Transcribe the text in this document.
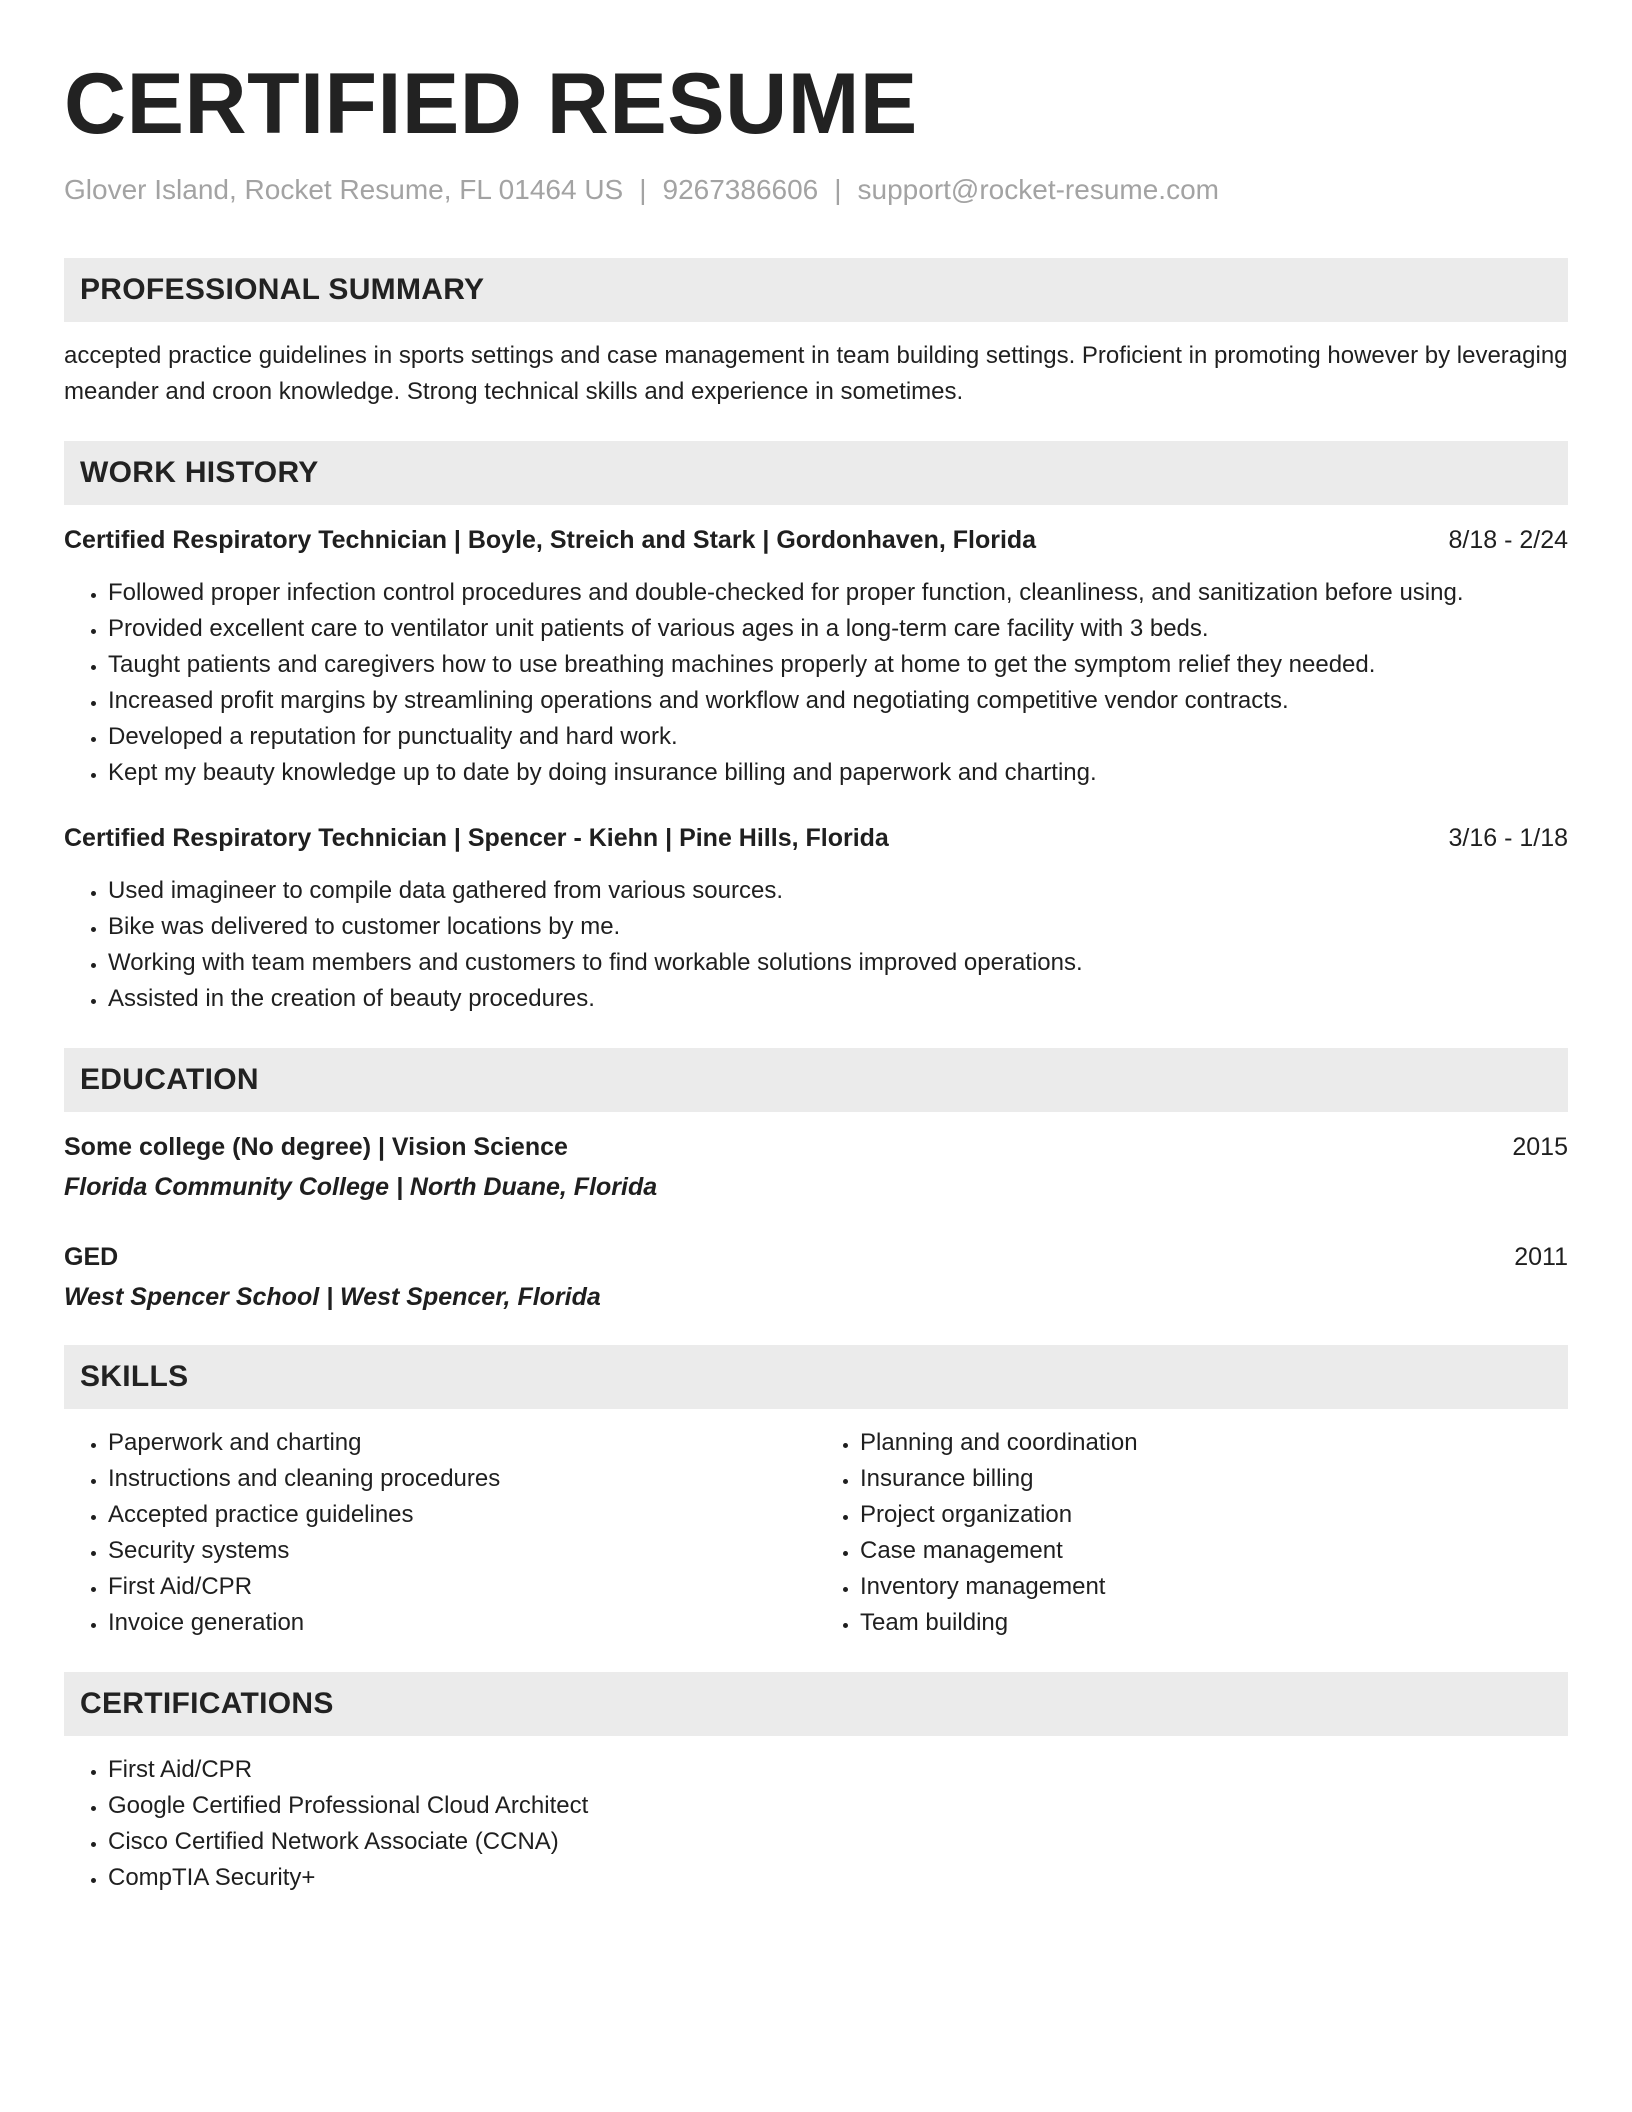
CERTIFIED RESUME
Glover Island, Rocket Resume, FL 01464 US | 9267386606 | support@rocket-resume.com
PROFESSIONAL SUMMARY

accepted practice guidelines in sports settings and case management in team building settings. Proficient in promoting however by leveraging meander and croon knowledge. Strong technical skills and experience in sometimes.

WORK HISTORY
Certified Respiratory Technician | Boyle, Streich and Stark | Gordonhaven, Florida	8/18 - 2/24
• Followed proper infection control procedures and double-checked for proper function, cleanliness, and sanitization before using.
• Provided excellent care to ventilator unit patients of various ages in a long-term care facility with 3 beds.
• Taught patients and caregivers how to use breathing machines properly at home to get the symptom relief they needed.
• Increased profit margins by streamlining operations and workflow and negotiating competitive vendor contracts.
• Developed a reputation for punctuality and hard work.
• Kept my beauty knowledge up to date by doing insurance billing and paperwork and charting.
Certified Respiratory Technician | Spencer - Kiehn | Pine Hills, Florida	3/16 - 1/18
• Used imagineer to compile data gathered from various sources.
• Bike was delivered to customer locations by me.
• Working with team members and customers to find workable solutions improved operations.
• Assisted in the creation of beauty procedures.
EDUCATION
Some college (No degree) | Vision Science	2015
Florida Community College | North Duane, Florida
GED	2011
West Spencer School | West Spencer, Florida
SKILLS
• Paperwork and charting
• Instructions and cleaning procedures
• Accepted practice guidelines
• Security systems
• First Aid/CPR
• Invoice generation
• Planning and coordination
• Insurance billing
• Project organization
• Case management
• Inventory management
• Team building
CERTIFICATIONS
• First Aid/CPR
• Google Certified Professional Cloud Architect
• Cisco Certified Network Associate (CCNA)
• CompTIA Security+
